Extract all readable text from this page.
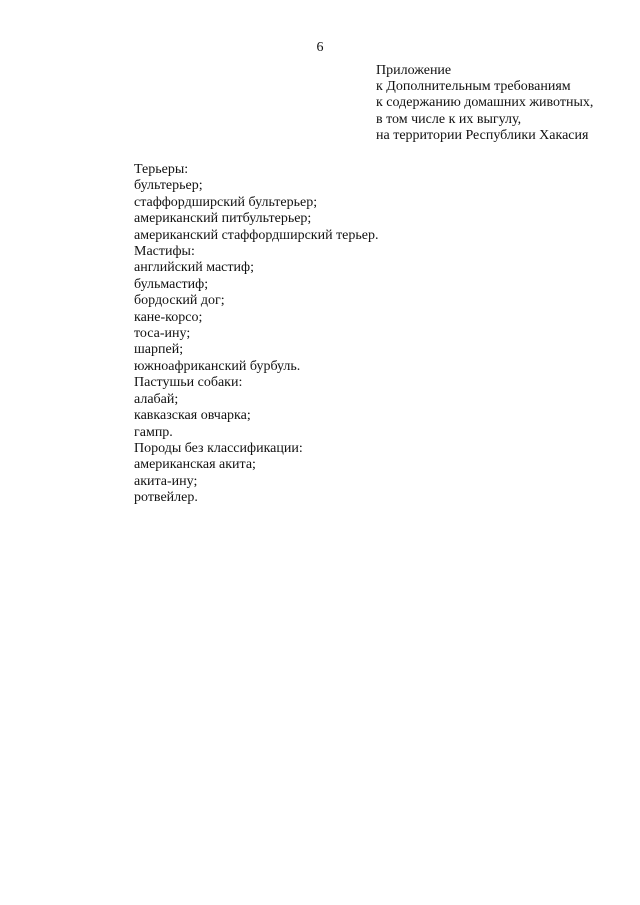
6
Приложение
к Дополнительным требованиям
к содержанию домашних животных,
в том числе к их выгулу,
на территории Республики Хакасия
Терьеры:
бультерьер;
стаффордширский бультерьер;
американский питбультерьер;
американский стаффордширский терьер.
Мастифы:
английский мастиф;
бульмастиф;
бордоский дог;
кане-корсо;
тоса-ину;
шарпей;
южноафриканский бурбуль.
Пастушьи собаки:
алабай;
кавказская овчарка;
гампр.
Породы без классификации:
американская акита;
акита-ину;
ротвейлер.
